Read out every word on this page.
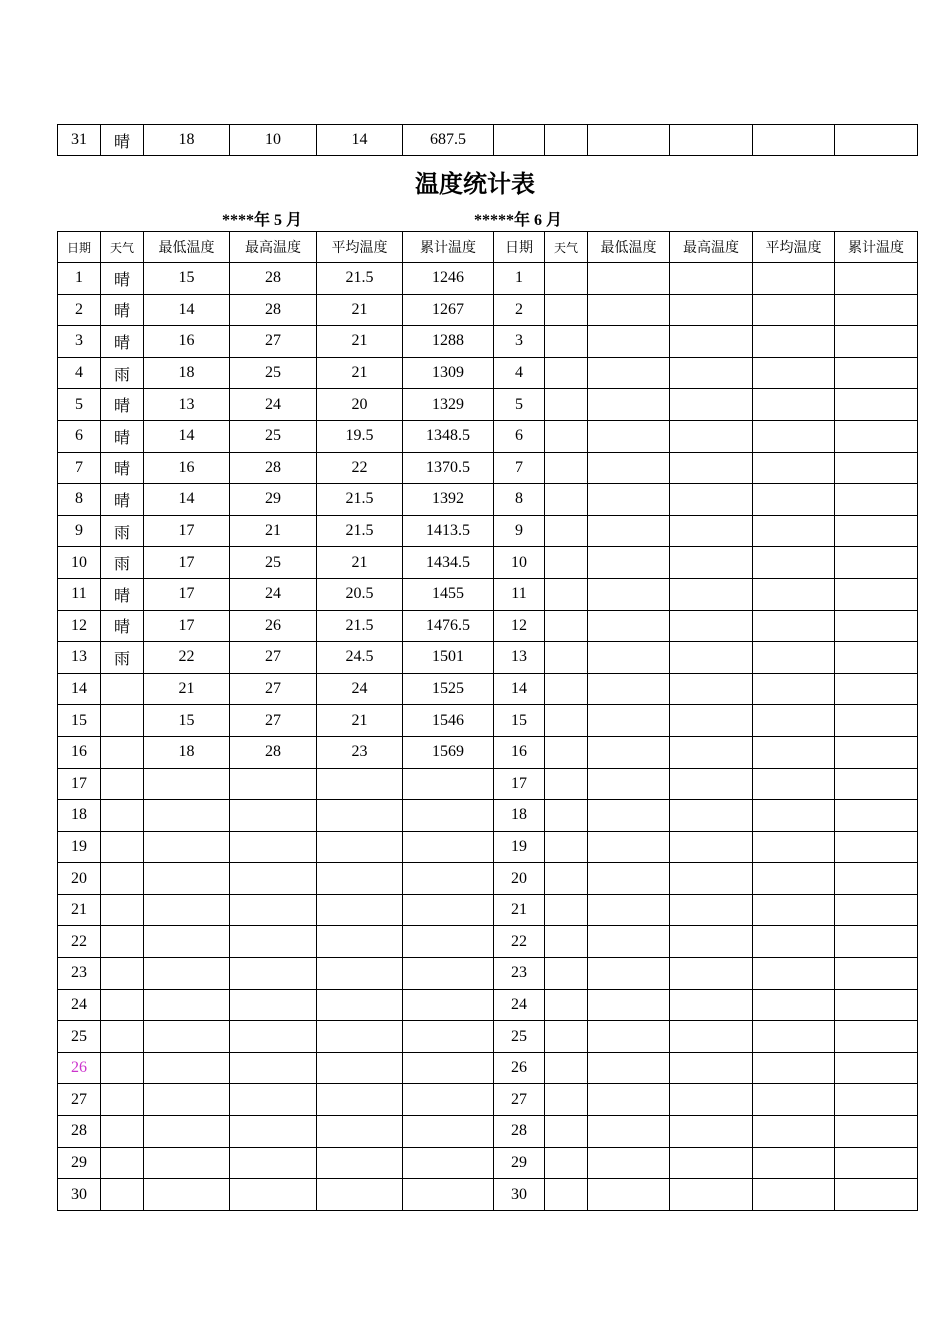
31	晴	18	10	14	687.5						
温度统计表
****年 5 月	*****年 6 月
日期	天气	最低温度	最高温度	平均温度	累计温度	日期	天气	最低温度	最高温度	平均温度	累计温度
1	晴	15	28	21.5	1246	1					
2	晴	14	28	21	1267	2					
3	晴	16	27	21	1288	3					
4	雨	18	25	21	1309	4					
5	晴	13	24	20	1329	5					
6	晴	14	25	19.5	1348.5	6					
7	晴	16	28	22	1370.5	7					
8	晴	14	29	21.5	1392	8					
9	雨	17	21	21.5	1413.5	9					
10	雨	17	25	21	1434.5	10					
11	晴	17	24	20.5	1455	11					
12	晴	17	26	21.5	1476.5	12					
13	雨	22	27	24.5	1501	13					
14		21	27	24	1525	14					
15		15	27	21	1546	15					
16		18	28	23	1569	16					
17						17					
18						18					
19						19					
20						20					
21						21					
22						22					
23						23					
24						24					
25						25					
26						26					
27						27					
28						28					
29						29					
30						30					
